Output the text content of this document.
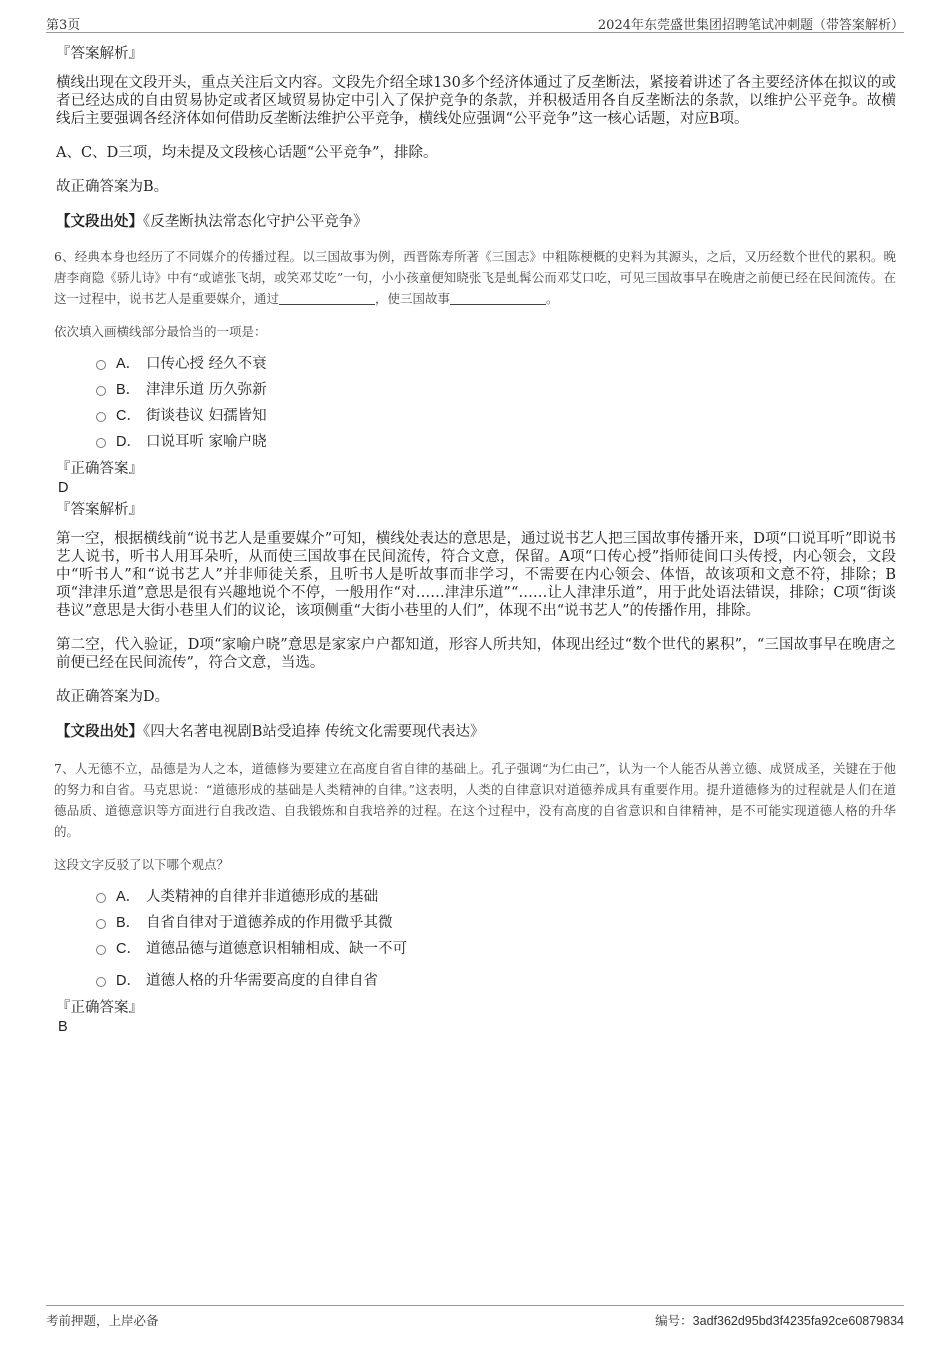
第3页	2024年东莞盛世集团招聘笔试冲刺题（带答案解析）
『答案解析』

横线出现在文段开头，重点关注后文内容。文段先介绍全球130多个经济体通过了反垄断法，紧接着讲述了各主要经济体在拟议的或者已经达成的自由贸易协定或者区域贸易协定中引入了保护竞争的条款，并积极适用各自反垄断法的条款，以维护公平竞争。故横线后主要强调各经济体如何借助反垄断法维护公平竞争，横线处应强调“公平竞争”这一核心话题，对应B项。

A、C、D三项，均未提及文段核心话题“公平竞争”，排除。

故正确答案为B。

【文段出处】《反垄断执法常态化守护公平竞争》
6、经典本身也经历了不同媒介的传播过程。以三国故事为例，西晋陈寿所著《三国志》中粗陈梗概的史料为其源头，之后，又历经数个世代的累积。晚唐李商隐《骄儿诗》中有“或谑张飞胡，或笑邓艾吃”一句，小小孩童便知晓张飞是虬髯公而邓艾口吃，可见三国故事早在晚唐之前便已经在民间流传。在这一过程中，说书艺人是重要媒介，通过	，使三国故事	。
依次填入画横线部分最恰当的一项是：
A． 口传心授 经久不衰
B． 津津乐道 历久弥新
C． 街谈巷议 妇孺皆知
D． 口说耳听 家喻户晓
『正确答案』
D
『答案解析』

第一空，根据横线前“说书艺人是重要媒介”可知，横线处表达的意思是，通过说书艺人把三国故事传播开来，D项“口说耳听”即说书艺人说书，听书人用耳朵听，从而使三国故事在民间流传，符合文意，保留。A项“口传心授”指师徒间口头传授，内心领会，文段中“听书人”和“说书艺人”并非师徒关系，且听书人是听故事而非学习，不需要在内心领会、体悟，故该项和文意不符，排除；B项“津津乐道”意思是很有兴趣地说个不停，一般用作“对……津津乐道”“……让人津津乐道”，用于此处语法错误，排除；C项“街谈巷议”意思是大街小巷里人们的议论，该项侧重“大街小巷里的人们”，体现不出“说书艺人”的传播作用，排除。

第二空，代入验证，D项“家喻户晓”意思是家家户户都知道，形容人所共知，体现出经过“数个世代的累积”，“三国故事早在晚唐之前便已经在民间流传”，符合文意，当选。

故正确答案为D。

【文段出处】《四大名著电视剧B站受追捧 传统文化需要现代表达》
7、人无德不立，品德是为人之本，道德修为要建立在高度自省自律的基础上。孔子强调“为仁由己”，认为一个人能否从善立德、成贤成圣，关键在于他的努力和自省。马克思说：“道德形成的基础是人类精神的自律。”这表明，人类的自律意识对道德养成具有重要作用。提升道德修为的过程就是人们在道德品质、道德意识等方面进行自我改造、自我锻炼和自我培养的过程。在这个过程中，没有高度的自省意识和自律精神，是不可能实现道德人格的升华的。
这段文字反驳了以下哪个观点？
A． 人类精神的自律并非道德形成的基础
B． 自省自律对于道德养成的作用微乎其微
C． 道德品德与道德意识相辅相成、缺一不可
D． 道德人格的升华需要高度的自律自省
『正确答案』
B
考前押题，上岸必备	编号：3adf362d95bd3f4235fa92ce60879834
